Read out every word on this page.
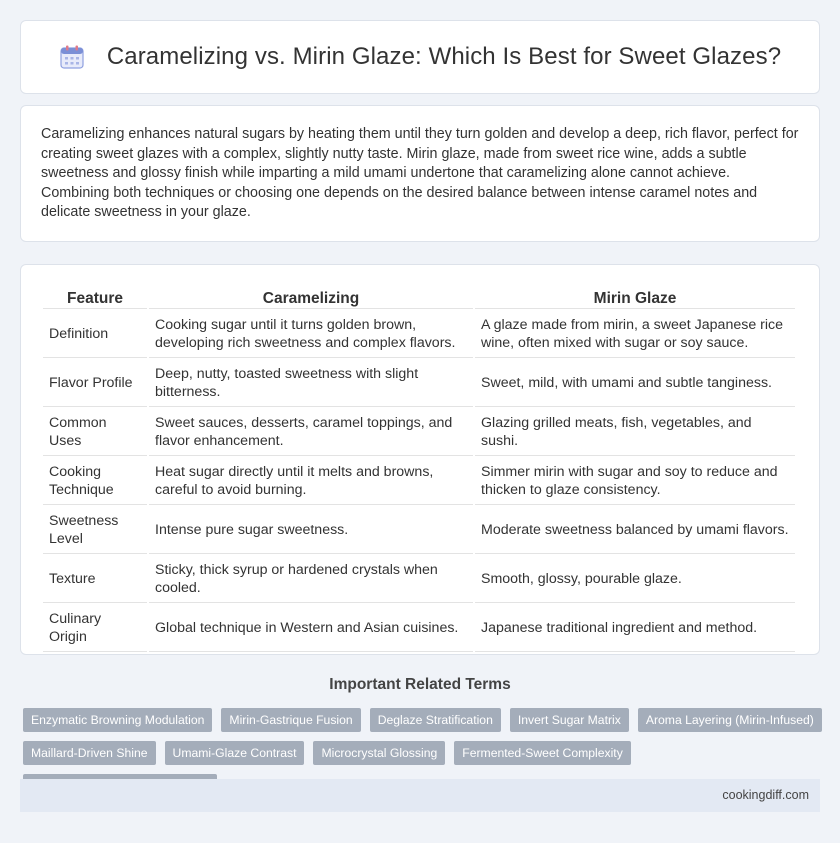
Caramelizing vs. Mirin Glaze: Which Is Best for Sweet Glazes?

Caramelizing enhances natural sugars by heating them until they turn golden and develop a deep, rich flavor, perfect for creating sweet glazes with a complex, slightly nutty taste. Mirin glaze, made from sweet rice wine, adds a subtle sweetness and glossy finish while imparting a mild umami undertone that caramelizing alone cannot achieve. Combining both techniques or choosing one depends on the desired balance between intense caramel notes and delicate sweetness in your glaze.

Feature	Caramelizing	Mirin Glaze
Definition	Cooking sugar until it turns golden brown, developing rich sweetness and complex flavors.	A glaze made from mirin, a sweet Japanese rice wine, often mixed with sugar or soy sauce.
Flavor Profile	Deep, nutty, toasted sweetness with slight bitterness.	Sweet, mild, with umami and subtle tanginess.
Common Uses	Sweet sauces, desserts, caramel toppings, and flavor enhancement.	Glazing grilled meats, fish, vegetables, and sushi.
Cooking Technique	Heat sugar directly until it melts and browns, careful to avoid burning.	Simmer mirin with sugar and soy to reduce and thicken to glaze consistency.
Sweetness Level	Intense pure sugar sweetness.	Moderate sweetness balanced by umami flavors.
Texture	Sticky, thick syrup or hardened crystals when cooled.	Smooth, glossy, pourable glaze.
Culinary Origin	Global technique in Western and Asian cuisines.	Japanese traditional ingredient and method.
Important Related Terms
Enzymatic Browning Modulation	Mirin-Gastrique Fusion	Deglaze Stratification	Invert Sugar Matrix	Aroma Layering (Mirin-Infused)
Maillard-Driven Shine	Umami-Glaze Contrast	Microcrystal Glossing	Fermented-Sweet Complexity
cookingdiff.com
